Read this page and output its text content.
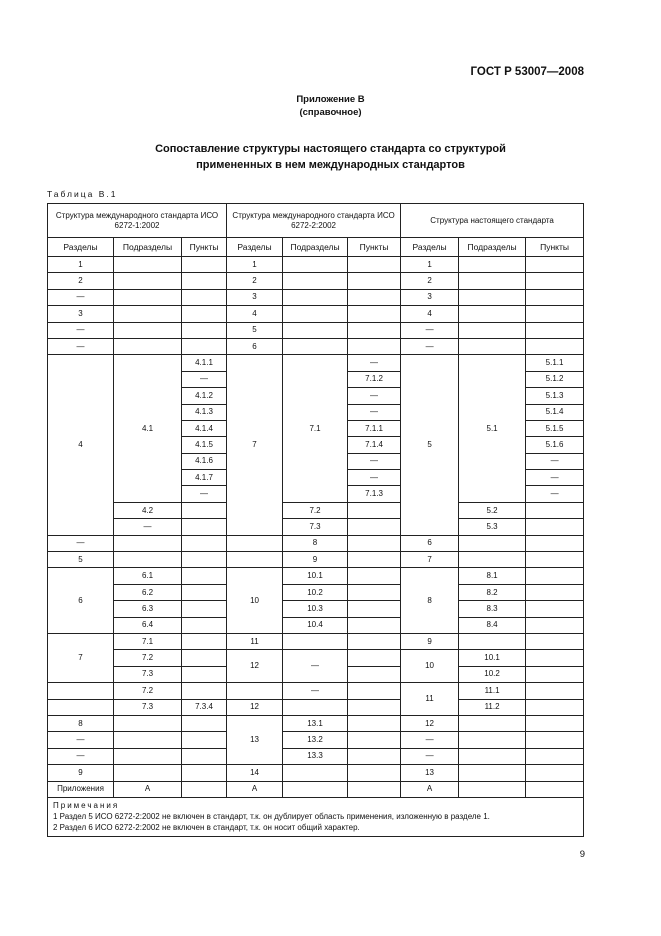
ГОСТ Р 53007—2008
Приложение В
(справочное)
Сопоставление структуры настоящего стандарта со структурой
примененных в нем международных стандартов
Таблица В.1
Структура международного стандарта ИСО 6272-1:2002			Структура международного стандарта ИСО 6272-2:2002			Структура настоящего стандарта		
Разделы	Подразделы	Пункты	Разделы	Подразделы	Пункты	Разделы	Подразделы	Пункты
1			1			1		
2			2			2		
—			3			3		
3			4			4		
—			5			—		
—			6			—		
4	4.1	4.1.1	7	7.1	—	5	5.1	5.1.1
		—			7.1.2			5.1.2
		4.1.2			—			5.1.3
		4.1.3			—			5.1.4
		4.1.4			7.1.1			5.1.5
		4.1.5			7.1.4			5.1.6
		4.1.6			—			—
		4.1.7			—			—
		—			7.1.3			—
	4.2			7.2			5.2	
	—			7.3			5.3	
—				8		6		
5				9		7		
6	6.1		10	10.1		8	8.1	
	6.2			10.2			8.2	
	6.3			10.3			8.3	
	6.4			10.4			8.4	
7	7.1		11			9		
	7.2		12	—		10	10.1	
	7.3						10.2	
	7.2			—		11	11.1	
	7.3	7.3.4	12				11.2	
8			13	13.1		12		
—				13.2		—		
—				13.3		—		
9			14			13		
Приложения	А		А			А		

Примечания
1 Раздел 5 ИСО 6272-2:2002 не включен в стандарт, т.к. он дублирует область применения, изложенную в разделе 1.
2 Раздел 6 ИСО 6272-2:2002 не включен в стандарт, т.к. он носит общий характер.								
9
